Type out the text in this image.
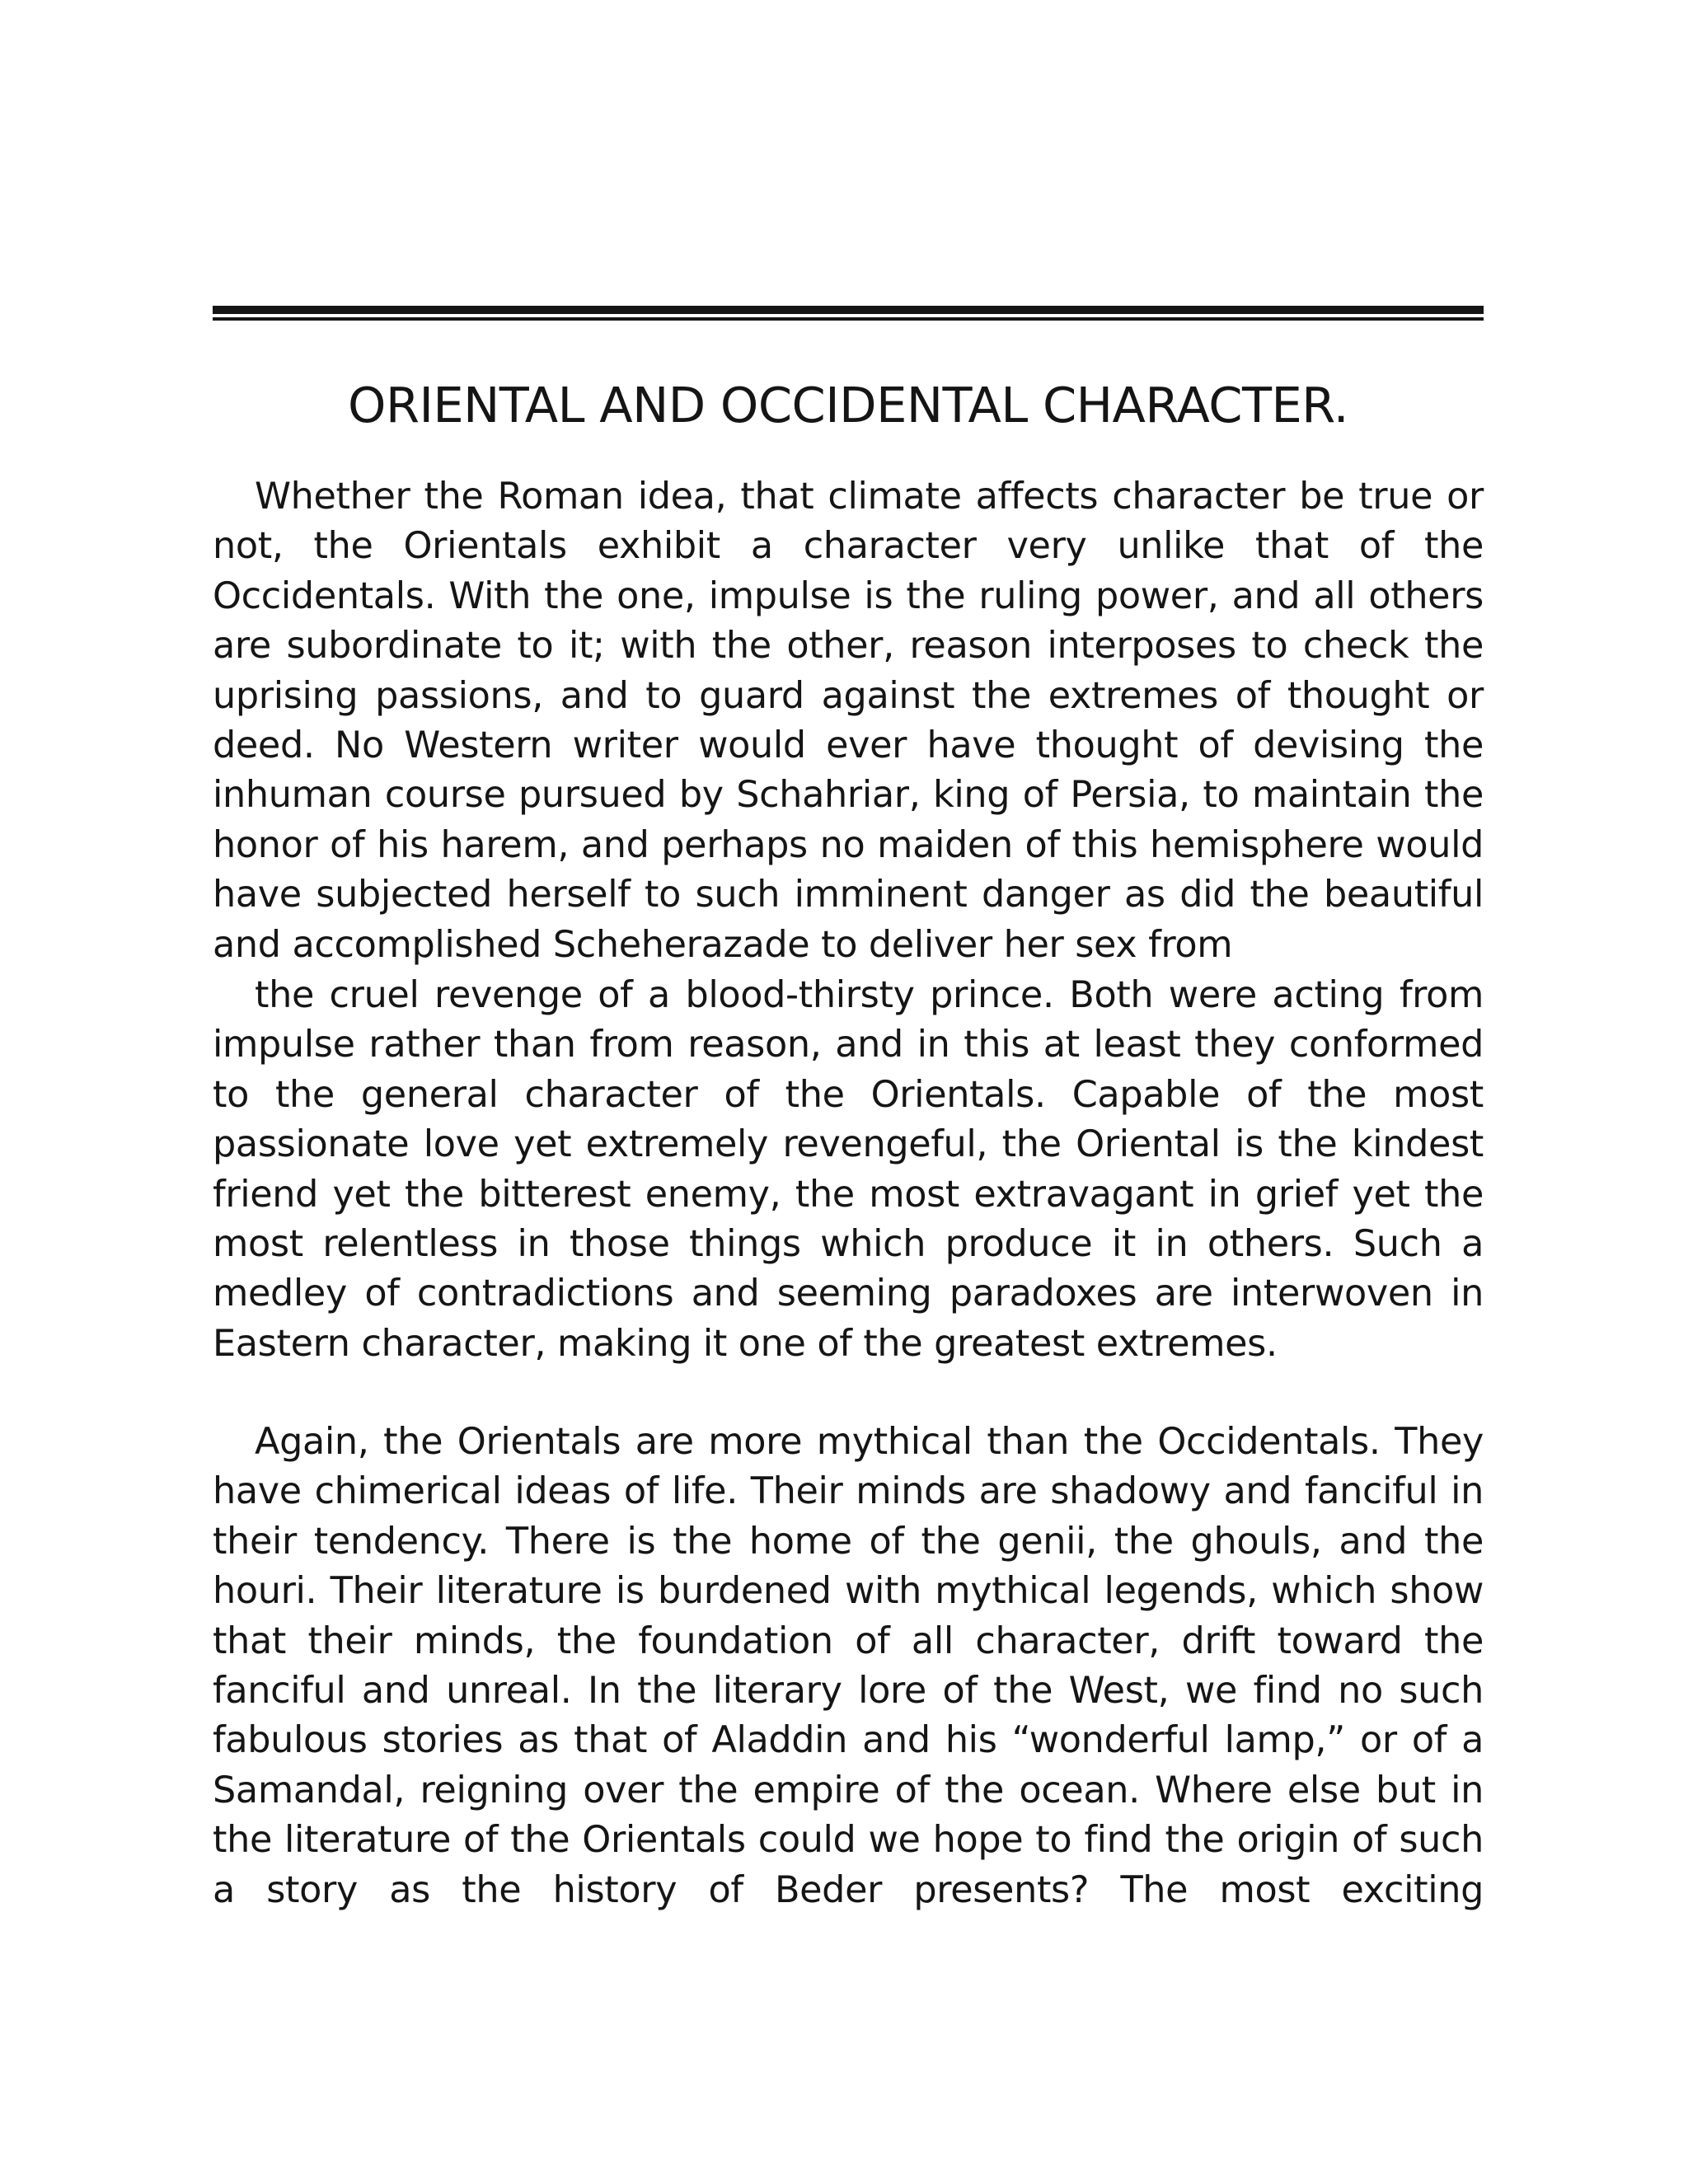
ORIENTAL AND OCCIDENTAL CHARACTER.

Whether the Roman idea, that climate affects character be true or not, the Orientals exhibit a character very unlike that of the Occidentals. With the one, impulse is the ruling power, and all others are subordinate to it; with the other, reason interposes to check the uprising passions, and to guard against the extremes of thought or deed. No Western writer would ever have thought of devising the inhuman course pursued by Schahriar, king of Persia, to maintain the honor of his harem, and perhaps no maiden of this hemisphere would have subjected herself to such imminent danger as did the beautiful and accomplished Scheherazade to deliver her sex from

the cruel revenge of a blood-thirsty prince. Both were acting from impulse rather than from reason, and in this at least they conformed to the general character of the Orientals. Capable of the most passionate love yet extremely revengeful, the Oriental is the kindest friend yet the bitterest enemy, the most extravagant in grief yet the most relentless in those things which produce it in others. Such a medley of contradictions and seeming paradoxes are interwoven in Eastern character, making it one of the greatest extremes.

Again, the Orientals are more mythical than the Occidentals. They have chimerical ideas of life. Their minds are shadowy and fanciful in their tendency. There is the home of the genii, the ghouls, and the houri. Their literature is burdened with mythical legends, which show that their minds, the foundation of all character, drift toward the fanciful and unreal. In the literary lore of the West, we find no such fabulous stories as that of Aladdin and his “wonderful lamp,” or of a Samandal, reigning over the empire of the ocean. Where else but in the literature of the Orientals could we hope to find the origin of such a story as the history of Beder presents? The most exciting
